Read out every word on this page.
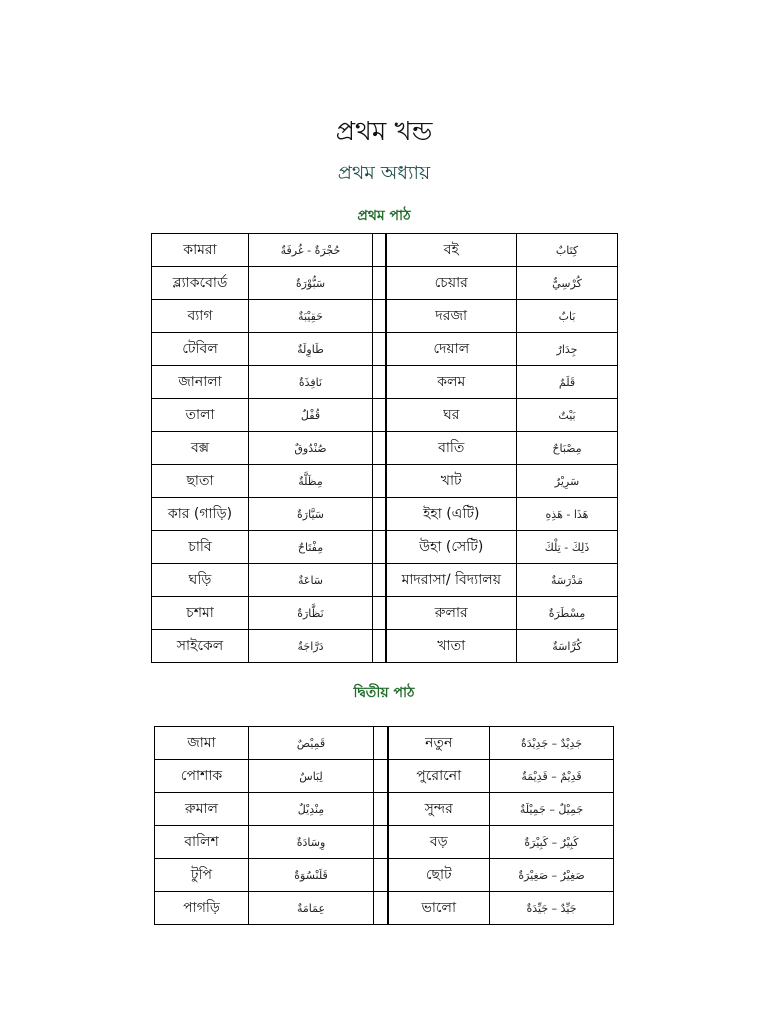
প্রথম খন্ড
প্রথম অধ্যায়
প্রথম পাঠ
কামরা	حُجْرَةٌ - غُرفَةٌ		বই	كِتَابٌ
ব্ল্যাকবোর্ড	سَبُّوْرَةٌ		চেয়ার	كُرْسِيٌّ
ব্যাগ	حَقِيْبَةٌ		দরজা	بَابٌ
টেবিল	طَاوِلَةٌ		দেয়াল	جِدَارٌ
জানালা	نَافِذَةٌ		কলম	قَلَمٌ
তালা	قُفْلٌ		ঘর	بَيْتٌ
বক্স	صُنْدُوقٌ		বাতি	مِصْبَاحٌ
ছাতা	مِظَلَّةٌ		খাট	سَرِيْرٌ
কার (গাড়ি)	سَيَّارَةٌ		ইহা (এটি)	هَذَا - هَذِهِ
চাবি	مِفْتَاحٌ		উহা (সেটি)	ذَلِكَ - تِلْكَ
ঘড়ি	سَاعَةٌ		মাদরাসা/ বিদ্যালয়	مَدْرَسَةٌ
চশমা	نَظَّارَةٌ		রুলার	مِسْطَرَةٌ
সাইকেল	دَرَّاجَةٌ		খাতা	كُرَّاسَةٌ
দ্বিতীয় পাঠ
জামা	قَمِيْصٌ		নতুন	جَدِيْدٌ – جَدِيْدَةٌ
পোশাক	لِبَاسٌ		পুরোনো	قَدِيْمٌ – قَدِيْمَةٌ
রুমাল	مِنْدِيْلٌ		সুন্দর	جَمِيْلٌ – جَمِيْلَةٌ
বালিশ	وِسَادَةٌ		বড়	كَبِيْرٌ – كَبِيْرَةٌ
টুপি	قَلَنْسُوَةٌ		ছোট	صَغِيْرٌ – صَغِيْرَةٌ
পাগড়ি	عِمَامَةٌ		ভালো	جَيِّدٌ – جَيِّدَةٌ
